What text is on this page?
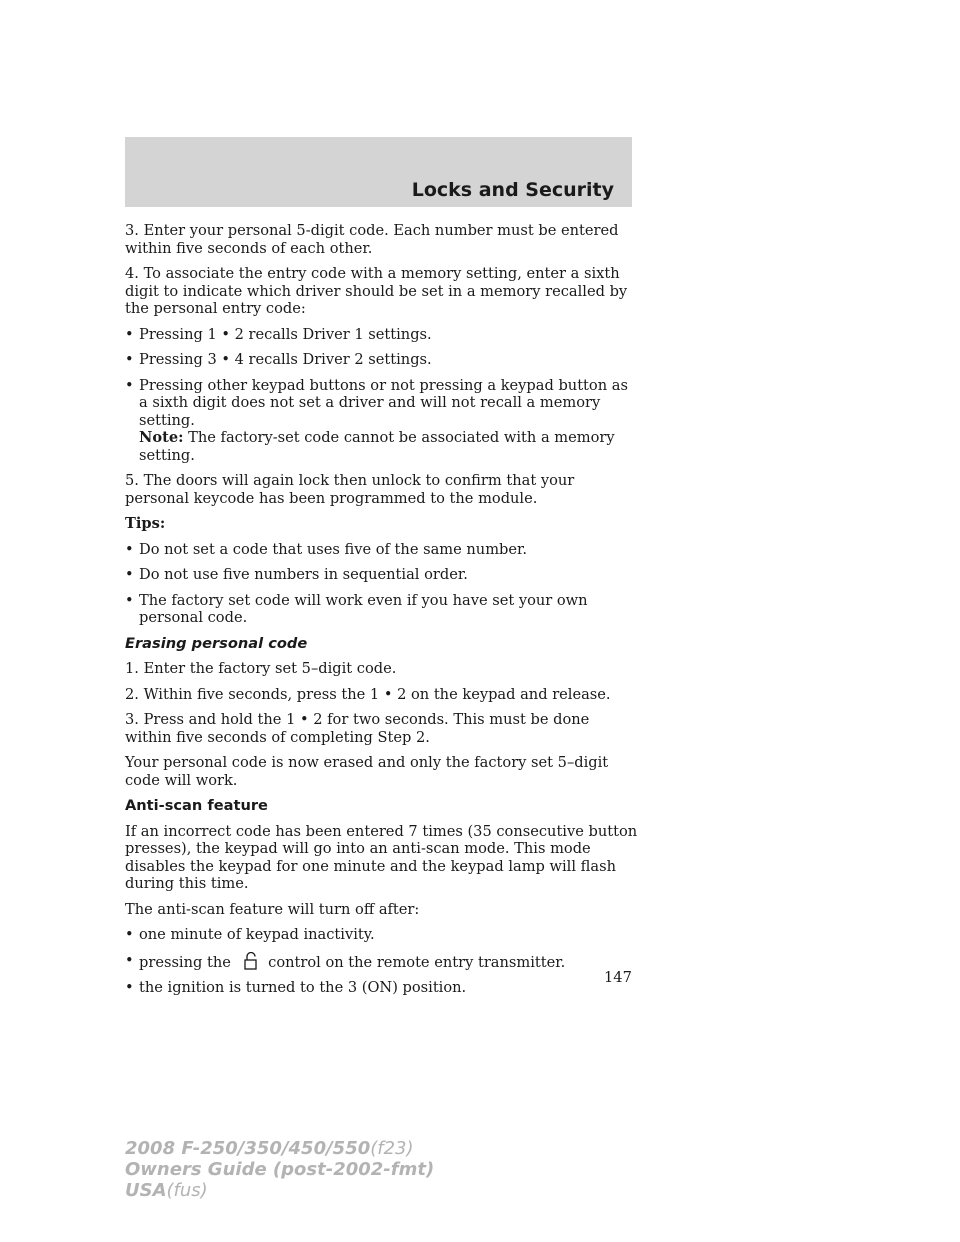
Locks and Security

3. Enter your personal 5-digit code. Each number must be entered within five seconds of each other.

4. To associate the entry code with a memory setting, enter a sixth digit to indicate which driver should be set in a memory recalled by the personal entry code:

• Pressing 1 • 2 recalls Driver 1 settings.
• Pressing 3 • 4 recalls Driver 2 settings.
• Pressing other keypad buttons or not pressing a keypad button as a sixth digit does not set a driver and will not recall a memory setting.
Note: The factory-set code cannot be associated with a memory setting.

5. The doors will again lock then unlock to confirm that your personal keycode has been programmed to the module.

Tips:
• Do not set a code that uses five of the same number.
• Do not use five numbers in sequential order.
• The factory set code will work even if you have set your own personal code.
Erasing personal code

1. Enter the factory set 5–digit code.

2. Within five seconds, press the 1 • 2 on the keypad and release.

3. Press and hold the 1 • 2 for two seconds. This must be done within five seconds of completing Step 2.

Your personal code is now erased and only the factory set 5–digit code will work.

Anti-scan feature

If an incorrect code has been entered 7 times (35 consecutive button presses), the keypad will go into an anti-scan mode. This mode disables the keypad for one minute and the keypad lamp will flash during this time.

The anti-scan feature will turn off after:

• one minute of keypad inactivity.
• pressing the	control on the remote entry transmitter.
• the ignition is turned to the 3 (ON) position.
147
2008 F-250/350/450/550(f23)
Owners Guide (post-2002-fmt)
USA(fus)
